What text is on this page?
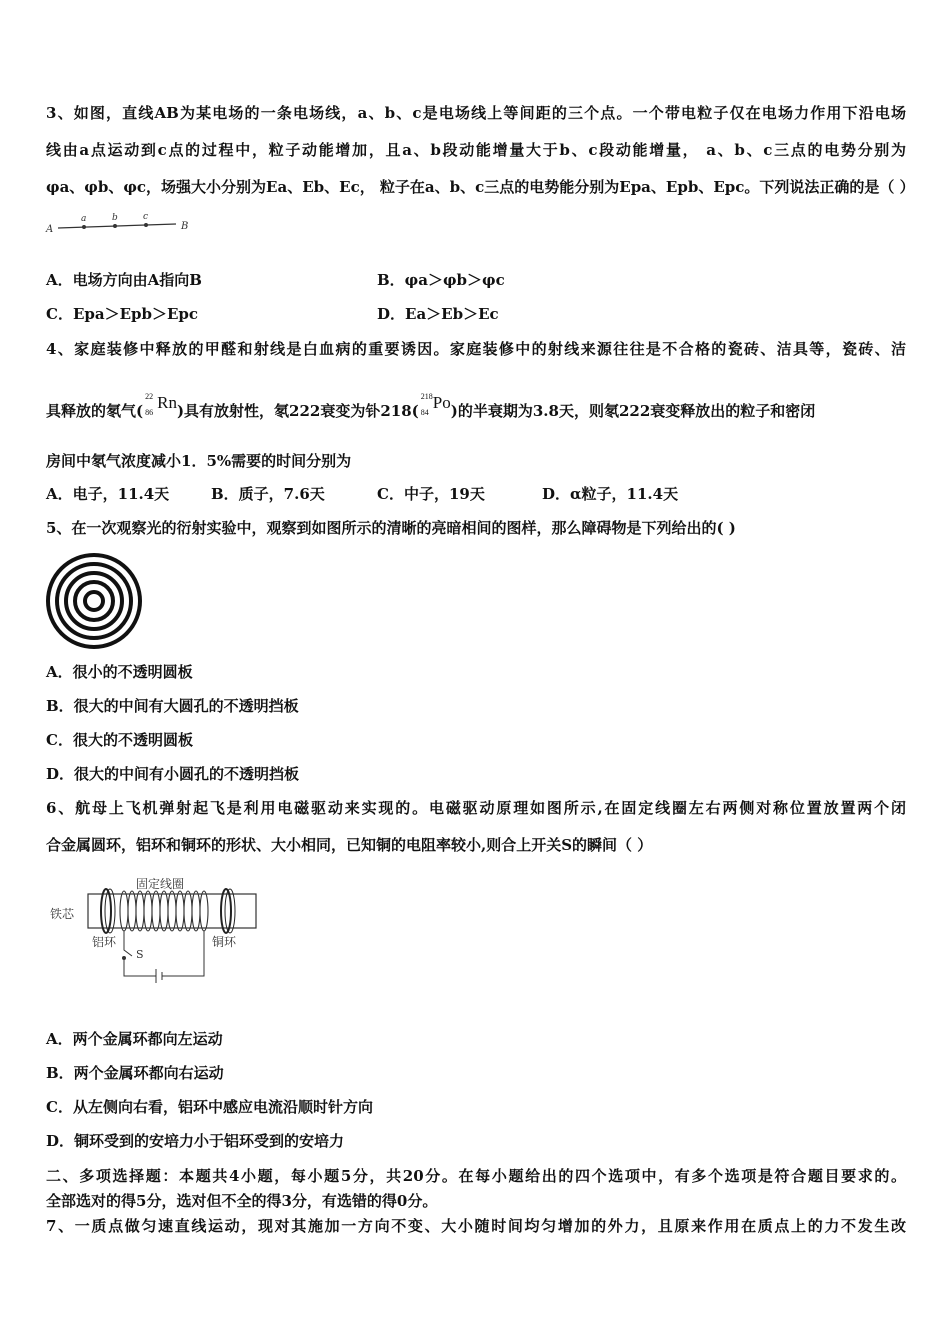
3、如图，直线AB为某电场的一条电场线，a、b、c是电场线上等间距的三个点。一个带电粒子仅在电场力作用下沿电场
线由a点运动到c点的过程中，粒子动能增加，且a、b段动能增量大于b、c段动能增量， a、b、c三点的电势分别为
φa、φb、φc，场强大小分别为Ea、Eb、Ec， 粒子在a、b、c三点的电势能分别为Epa、Epb、Epc。下列说法正确的是（ ）
A	B
a	b	c
A．电场方向由A指向B	B．φa＞φb＞φc
C．Epa＞Epb＞Epc	D．Ea＞Eb＞Ec
4、家庭装修中释放的甲醛和射线是白血病的重要诱因。家庭装修中的射线来源往往是不合格的瓷砖、洁具等，瓷砖、洁
具释放的氡气(
22
86
Rn)具有放射性，氡222衰变为钋218(
218
84
Po)的半衰期为3.8天，则氡222衰变释放出的粒子和密闭
房间中氡气浓度减小1．5%需要的时间分别为
A．电子，11.4天	B．质子，7.6天	C．中子，19天	D．α粒子，11.4天
5、在一次观察光的衍射实验中，观察到如图所示的清晰的亮暗相间的图样，那么障碍物是下列给出的( )
A．很小的不透明圆板
B．很大的中间有大圆孔的不透明挡板
C．很大的不透明圆板
D．很大的中间有小圆孔的不透明挡板
6、航母上飞机弹射起飞是利用电磁驱动来实现的。电磁驱动原理如图所示,在固定线圈左右两侧对称位置放置两个闭
合金属圆环，铝环和铜环的形状、大小相同，已知铜的电阻率较小,则合上开关S的瞬间（ ）
铁芯
固定线圈
铝环	铜环
S
A．两个金属环都向左运动
B．两个金属环都向右运动
C．从左侧向右看，铝环中感应电流沿顺时针方向
D．铜环受到的安培力小于铝环受到的安培力
二、多项选择题：本题共4小题，每小题5分，共20分。在每小题给出的四个选项中，有多个选项是符合题目要求的。
全部选对的得5分，选对但不全的得3分，有选错的得0分。
7、一质点做匀速直线运动，现对其施加一方向不变、大小随时间均匀增加的外力，且原来作用在质点上的力不发生改
